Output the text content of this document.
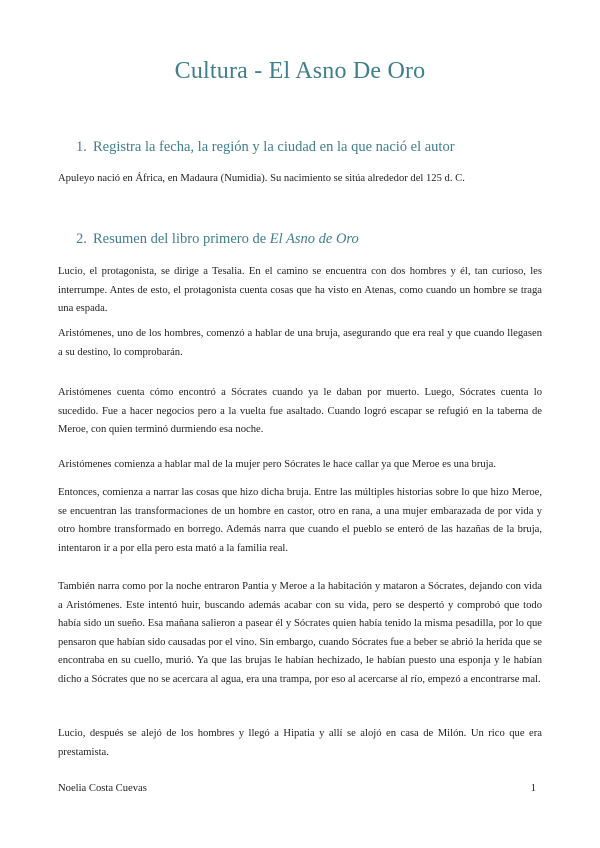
Cultura - El Asno De Oro
1. Registra la fecha, la región y la ciudad en la que nació el autor
Apuleyo nació en África, en Madaura (Numidia). Su nacimiento se sitúa alrededor del 125 d. C.
2. Resumen del libro primero de El Asno de Oro
Lucio, el protagonista, se dirige a Tesalia. En el camino se encuentra con dos hombres y él, tan curioso, les interrumpe. Antes de esto, el protagonista cuenta cosas que ha visto en Atenas, como cuando un hombre se traga una espada.
Aristómenes, uno de los hombres, comenzó a hablar de una bruja, asegurando que era real y que cuando llegasen a su destino, lo comprobarán.
Aristómenes cuenta cómo encontró a Sócrates cuando ya le daban por muerto. Luego, Sócrates cuenta lo sucedido. Fue a hacer negocios pero a la vuelta fue asaltado. Cuando logró escapar se refugió en la taberna de Meroe, con quien terminó durmiendo esa noche.
Aristómenes comienza a hablar mal de la mujer pero Sócrates le hace callar ya que Meroe es una bruja.
Entonces, comienza a narrar las cosas que hizo dicha bruja. Entre las múltiples historias sobre lo que hizo Meroe, se encuentran las transformaciones de un hombre en castor, otro en rana, a una mujer embarazada de por vida y otro hombre transformado en borrego. Además narra que cuando el pueblo se enteró de las hazañas de la bruja, intentaron ir a por ella pero esta mató a la familia real.
También narra como por la noche entraron Pantia y Meroe a la habitación y mataron a Sócrates, dejando con vida a Aristómenes. Este intentó huir, buscando además acabar con su vida, pero se despertó y comprobó que todo había sido un sueño. Esa mañana salieron a pasear él y Sócrates quien había tenido la misma pesadilla, por lo que pensaron que habían sido causadas por el vino. Sin embargo, cuando Sócrates fue a beber se abrió la herida que se encontraba en su cuello, murió. Ya que las brujas le habían hechizado, le habían puesto una esponja y le habían dicho a Sócrates que no se acercara al agua, era una trampa, por eso al acercarse al río, empezó a encontrarse mal.
Lucio, después se alejó de los hombres y llegó a Hipatia y allí se alojó en casa de Milón. Un rico que era prestamista.
Noelia Costa Cuevas	1
